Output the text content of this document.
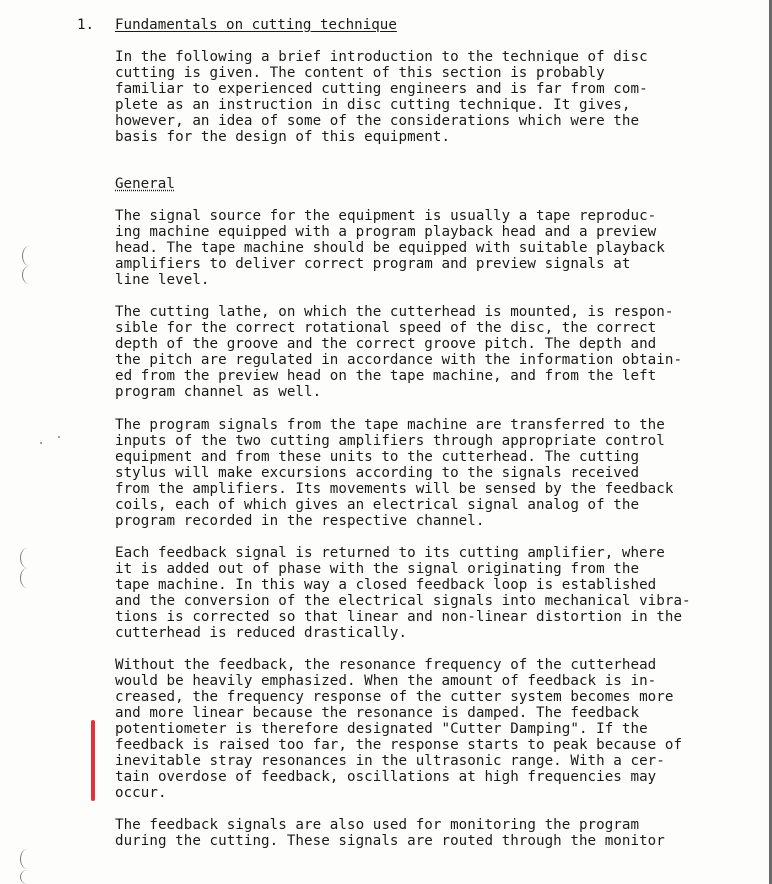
1. Fundamentals on cutting technique

In the following a brief introduction to the technique of disc
cutting is given. The content of this section is probably
familiar to experienced cutting engineers and is far from com-
plete as an instruction in disc cutting technique. It gives,
however, an idea of some of the considerations which were the
basis for the design of this equipment.

General

The signal source for the equipment is usually a tape reproduc-
ing machine equipped with a program playback head and a preview
head. The tape machine should be equipped with suitable playback
amplifiers to deliver correct program and preview signals at
line level.

The cutting lathe, on which the cutterhead is mounted, is respon-
sible for the correct rotational speed of the disc, the correct
depth of the groove and the correct groove pitch. The depth and
the pitch are regulated in accordance with the information obtain-
ed from the preview head on the tape machine, and from the left
program channel as well.

The program signals from the tape machine are transferred to the
inputs of the two cutting amplifiers through appropriate control
equipment and from these units to the cutterhead. The cutting
stylus will make excursions according to the signals received
from the amplifiers. Its movements will be sensed by the feedback
coils, each of which gives an electrical signal analog of the
program recorded in the respective channel.

Each feedback signal is returned to its cutting amplifier, where
it is added out of phase with the signal originating from the
tape machine. In this way a closed feedback loop is established
and the conversion of the electrical signals into mechanical vibra-
tions is corrected so that linear and non-linear distortion in the
cutterhead is reduced drastically.

Without the feedback, the resonance frequency of the cutterhead
would be heavily emphasized. When the amount of feedback is in-
creased, the frequency response of the cutter system becomes more
and more linear because the resonance is damped. The feedback
potentiometer is therefore designated "Cutter Damping". If the
feedback is raised too far, the response starts to peak because of
inevitable stray resonances in the ultrasonic range. With a cer-
tain overdose of feedback, oscillations at high frequencies may
occur.

The feedback signals are also used for monitoring the program
during the cutting. These signals are routed through the monitor
